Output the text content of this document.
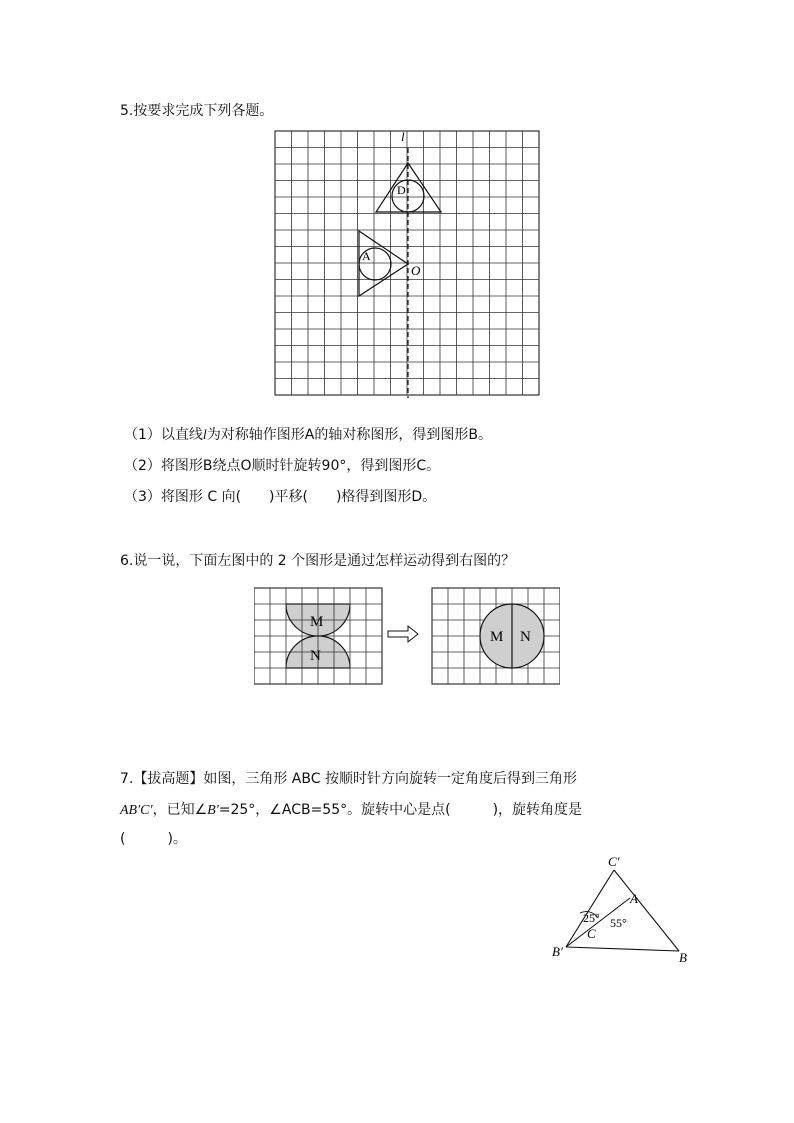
5.按要求完成下列各题。
l
D
A
O
（1）以直线l为对称轴作图形A的轴对称图形，得到图形B。
（2）将图形B绕点O顺时针旋转90°，得到图形C。
（3）将图形 C 向(　　)平移(　　)格得到图形D。
6.说一说，下面左图中的 2 个图形是通过怎样运动得到右图的？
M
N
M N
7.【拔高题】如图，三角形 ABC 按顺时针方向旋转一定角度后得到三角形
AB′C′，已知∠B′=25°，∠ACB=55°。旋转中心是点(　　　)，旋转角度是
(　　　)。
C′
A
B′
C
B
25° 55°
